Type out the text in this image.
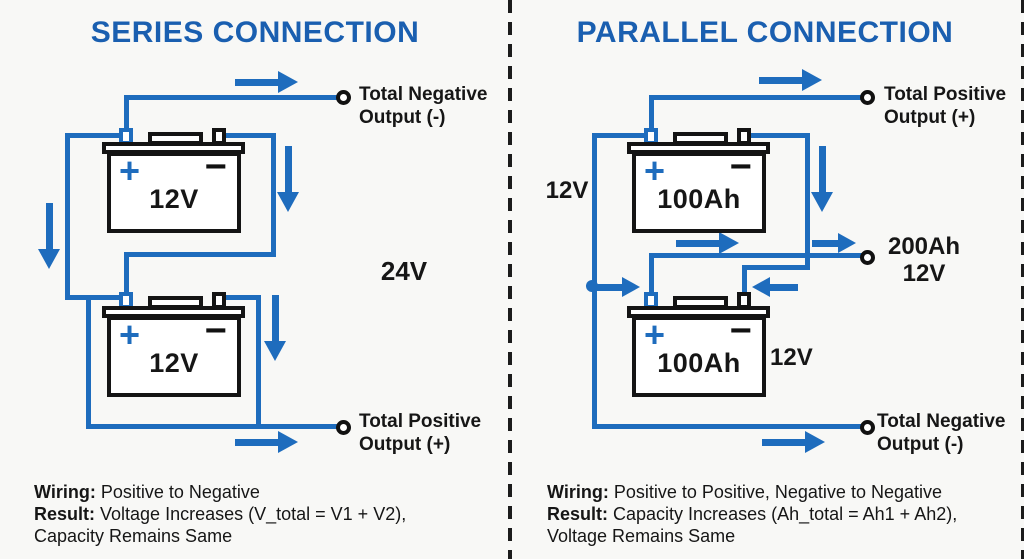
SERIES CONNECTION
+ −
12V
+ −
12V
Total Negative
Output (-)
24V
Total Positive
Output (+)
Wiring: Positive to Negative
Result: Voltage Increases (V_total = V1 + V2),
Capacity Remains Same
PARALLEL CONNECTION
+ −
100Ah
+ −
100Ah
Total Positive
Output (+)
12V
200Ah
12V
12V
Total Negative
Output (-)
Wiring: Positive to Positive, Negative to Negative
Result: Capacity Increases (Ah_total = Ah1 + Ah2),
Voltage Remains Same
